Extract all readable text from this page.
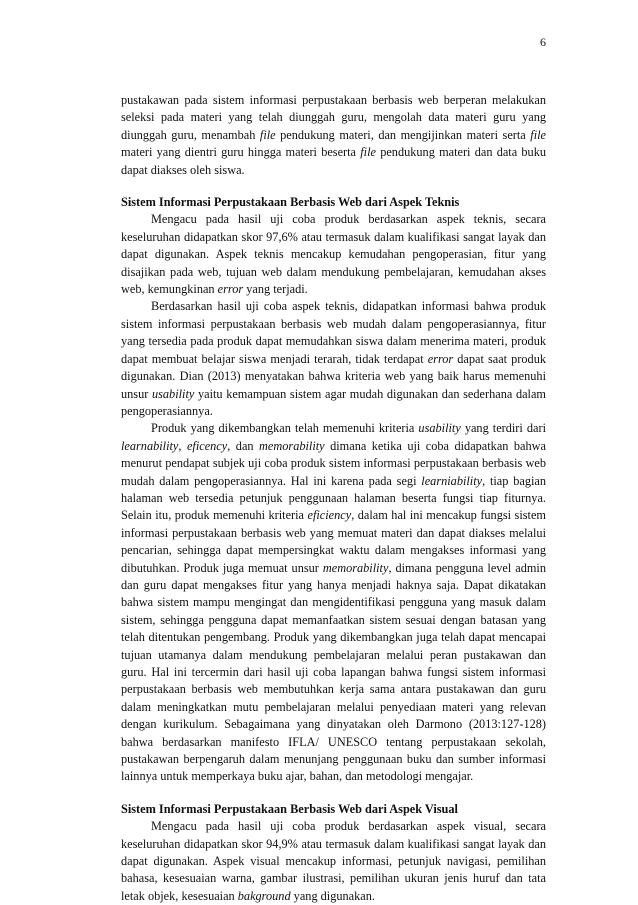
6

pustakawan pada sistem informasi perpustakaan berbasis web berperan melakukan seleksi pada materi yang telah diunggah guru, mengolah data materi guru yang diunggah guru, menambah file pendukung materi, dan mengijinkan materi serta file materi yang dientri guru hingga materi beserta file pendukung materi dan data buku dapat diakses oleh siswa.

Sistem Informasi Perpustakaan Berbasis Web dari Aspek Teknis

Mengacu pada hasil uji coba produk berdasarkan aspek teknis, secara keseluruhan didapatkan skor 97,6% atau termasuk dalam kualifikasi sangat layak dan dapat digunakan. Aspek teknis mencakup kemudahan pengoperasian, fitur yang disajikan pada web, tujuan web dalam mendukung pembelajaran, kemudahan akses web, kemungkinan error yang terjadi.

Berdasarkan hasil uji coba aspek teknis, didapatkan informasi bahwa produk sistem informasi perpustakaan berbasis web mudah dalam pengoperasiannya, fitur yang tersedia pada produk dapat memudahkan siswa dalam menerima materi, produk dapat membuat belajar siswa menjadi terarah, tidak terdapat error dapat saat produk digunakan. Dian (2013) menyatakan bahwa kriteria web yang baik harus memenuhi unsur usability yaitu kemampuan sistem agar mudah digunakan dan sederhana dalam pengoperasiannya.

Produk yang dikembangkan telah memenuhi kriteria usability yang terdiri dari learnability, eficency, dan memorability dimana ketika uji coba didapatkan bahwa menurut pendapat subjek uji coba produk sistem informasi perpustakaan berbasis web mudah dalam pengoperasiannya. Hal ini karena pada segi learniability, tiap bagian halaman web tersedia petunjuk penggunaan halaman beserta fungsi tiap fiturnya. Selain itu, produk memenuhi kriteria eficiency, dalam hal ini mencakup fungsi sistem informasi perpustakaan berbasis web yang memuat materi dan dapat diakses melalui pencarian, sehingga dapat mempersingkat waktu dalam mengakses informasi yang dibutuhkan. Produk juga memuat unsur memorability, dimana pengguna level admin dan guru dapat mengakses fitur yang hanya menjadi haknya saja. Dapat dikatakan bahwa sistem mampu mengingat dan mengidentifikasi pengguna yang masuk dalam sistem, sehingga pengguna dapat memanfaatkan sistem sesuai dengan batasan yang telah ditentukan pengembang. Produk yang dikembangkan juga telah dapat mencapai tujuan utamanya dalam mendukung pembelajaran melalui peran pustakawan dan guru. Hal ini tercermin dari hasil uji coba lapangan bahwa fungsi sistem informasi perpustakaan berbasis web membutuhkan kerja sama antara pustakawan dan guru dalam meningkatkan mutu pembelajaran melalui penyediaan materi yang relevan dengan kurikulum. Sebagaimana yang dinyatakan oleh Darmono (2013:127-128) bahwa berdasarkan manifesto IFLA/ UNESCO tentang perpustakaan sekolah, pustakawan berpengaruh dalam menunjang penggunaan buku dan sumber informasi lainnya untuk memperkaya buku ajar, bahan, dan metodologi mengajar.

Sistem Informasi Perpustakaan Berbasis Web dari Aspek Visual

Mengacu pada hasil uji coba produk berdasarkan aspek visual, secara keseluruhan didapatkan skor 94,9% atau termasuk dalam kualifikasi sangat layak dan dapat digunakan. Aspek visual mencakup informasi, petunjuk navigasi, pemilihan bahasa, kesesuaian warna, gambar ilustrasi, pemilihan ukuran jenis huruf dan tata letak objek, kesesuaian bakground yang digunakan.
